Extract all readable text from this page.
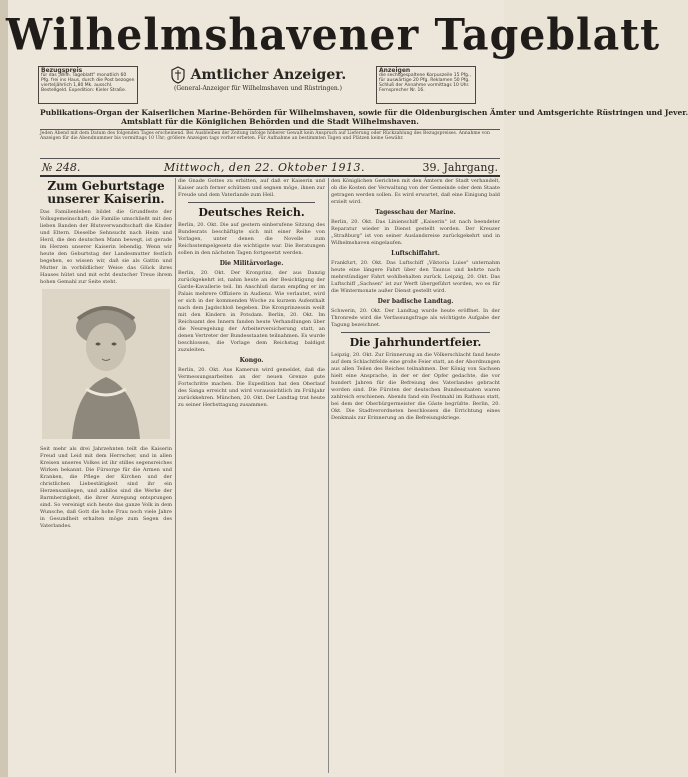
Wilhelmshavener Tageblatt
Bezugspreis
für das „Wilh. Tageblatt" monatlich 60 Pfg. frei ins Haus, durch die Post bezogen vierteljährlich 1,80 Mk. ausschl. Bestellgeld. Expedition: Kieler Straße.
Amtlicher Anzeiger.
(General-Anzeiger für Wilhelmshaven und Rüstringen.)
Anzeigen
die sechsgespaltene Korpuszeile 15 Pfg., für auswärtige 20 Pfg. Reklamen 50 Pfg. Schluß der Annahme vormittags 10 Uhr. Fernsprecher Nr. 16.
Publikations-Organ der Kaiserlichen Marine-Behörden für Wilhelmshaven, sowie für die Oldenburgischen Ämter und Amtsgerichte Rüstringen und Jever.
Amtsblatt für die Königlichen Behörden und die Stadt Wilhelmshaven.
Jeden Abend mit dem Datum des folgenden Tages erscheinend. Bei Ausbleiben der Zeitung infolge höherer Gewalt kein Anspruch auf Lieferung oder Rückzahlung des Bezugspreises. Annahme von Anzeigen für die Abendnummer bis vormittags 10 Uhr; größere Anzeigen tags vorher erbeten. Für Aufnahme an bestimmten Tagen und Plätzen keine Gewähr.
№ 248.	Mittwoch, den 22. Oktober 1913.	39. Jahrgang.
Zum Geburtstage unserer Kaiserin.
Das Familienleben bildet die Grundfeste der Volksgemeinschaft; die Familie umschließt mit den lieben Banden der Blutsverwandtschaft die Kinder und Eltern. Dieselbe Sehnsucht nach Heim und Herd, die den deutschen Mann bewegt, ist gerade im Herzen unserer Kaiserin lebendig. Wenn wir heute den Geburtstag der Landesmutter festlich begehen, so wissen wir, daß sie als Gattin und Mutter in vorbildlicher Weise das Glück ihres Hauses hütet und mit echt deutscher Treue ihrem hohen Gemahl zur Seite steht.
Seit mehr als drei Jahrzehnten teilt die Kaiserin Freud und Leid mit dem Herrscher, und in allen Kreisen unseres Volkes ist ihr stilles segensreiches Wirken bekannt. Die Fürsorge für die Armen und Kranken, die Pflege der Kirchen und der christlichen Liebestätigkeit sind ihr ein Herzensanliegen, und zahllos sind die Werke der Barmherzigkeit, die ihrer Anregung entsprungen sind. So vereinigt sich heute das ganze Volk in dem Wunsche, daß Gott die hohe Frau noch viele Jahre in Gesundheit erhalten möge zum Segen des Vaterlandes.
die Gnade Gottes zu erbitten, auf daß er Kaiserin und Kaiser auch ferner schützen und segnen möge, ihnen zur Freude und dem Vaterlande zum Heil.
Deutsches Reich.
Berlin, 20. Okt. Die auf gestern einberufene Sitzung des Bundesrats beschäftigte sich mit einer Reihe von Vorlagen, unter denen die Novelle zum Reichsstempelgesetz die wichtigste war. Die Beratungen sollen in den nächsten Tagen fortgesetzt werden.
Die Militärvorlage.
Berlin, 20. Okt. Der Kronprinz, der aus Danzig zurückgekehrt ist, nahm heute an der Besichtigung der Garde-Kavallerie teil. Im Anschluß daran empfing er im Palais mehrere Offiziere in Audienz. Wie verlautet, wird er sich in der kommenden Woche zu kurzem Aufenthalt nach dem Jagdschloß begeben. Die Kronprinzessin weilt mit den Kindern in Potsdam. Berlin, 20. Okt. Im Reichsamt des Innern fanden heute Verhandlungen über die Neuregelung der Arbeiterversicherung statt, an denen Vertreter der Bundesstaaten teilnahmen. Es wurde beschlossen, die Vorlage dem Reichstag baldigst zuzuleiten.
Kongo.
Berlin, 20. Okt. Aus Kamerun wird gemeldet, daß die Vermessungsarbeiten an der neuen Grenze gute Fortschritte machen. Die Expedition hat den Oberlauf des Sanga erreicht und wird voraussichtlich im Frühjahr zurückkehren. München, 20. Okt. Der Landtag trat heute zu seiner Herbsttagung zusammen.
den Königlichen Gerichten mit den Ämtern der Stadt verhandelt, ob die Kosten der Verwaltung von der Gemeinde oder dem Staate getragen werden sollen. Es wird erwartet, daß eine Einigung bald erzielt wird.
Tagesschau der Marine.
Berlin, 20. Okt. Das Linienschiff „Kaiserin" ist nach beendeter Reparatur wieder in Dienst gestellt worden. Der Kreuzer „Straßburg" ist von seiner Auslandsreise zurückgekehrt und in Wilhelmshaven eingelaufen.
Luftschiffahrt.
Frankfurt, 20. Okt. Das Luftschiff „Viktoria Luise" unternahm heute eine längere Fahrt über den Taunus und kehrte nach mehrstündiger Fahrt wohlbehalten zurück. Leipzig, 20. Okt. Das Luftschiff „Sachsen" ist zur Werft übergeführt worden, wo es für die Wintermonate außer Dienst gestellt wird.
Der badische Landtag.
Schwerin, 20. Okt. Der Landtag wurde heute eröffnet. In der Thronrede wird die Verfassungsfrage als wichtigste Aufgabe der Tagung bezeichnet.
Die Jahrhundertfeier.
Leipzig, 20. Okt. Zur Erinnerung an die Völkerschlacht fand heute auf dem Schlachtfelde eine große Feier statt, an der Abordnungen aus allen Teilen des Reiches teilnahmen. Der König von Sachsen hielt eine Ansprache, in der er der Opfer gedachte, die vor hundert Jahren für die Befreiung des Vaterlandes gebracht worden sind. Die Fürsten der deutschen Bundesstaaten waren zahlreich erschienen. Abends fand ein Festmahl im Rathaus statt, bei dem der Oberbürgermeister die Gäste begrüßte. Berlin, 20. Okt. Die Stadtverordneten beschlossen die Errichtung eines Denkmals zur Erinnerung an die Befreiungskriege.
